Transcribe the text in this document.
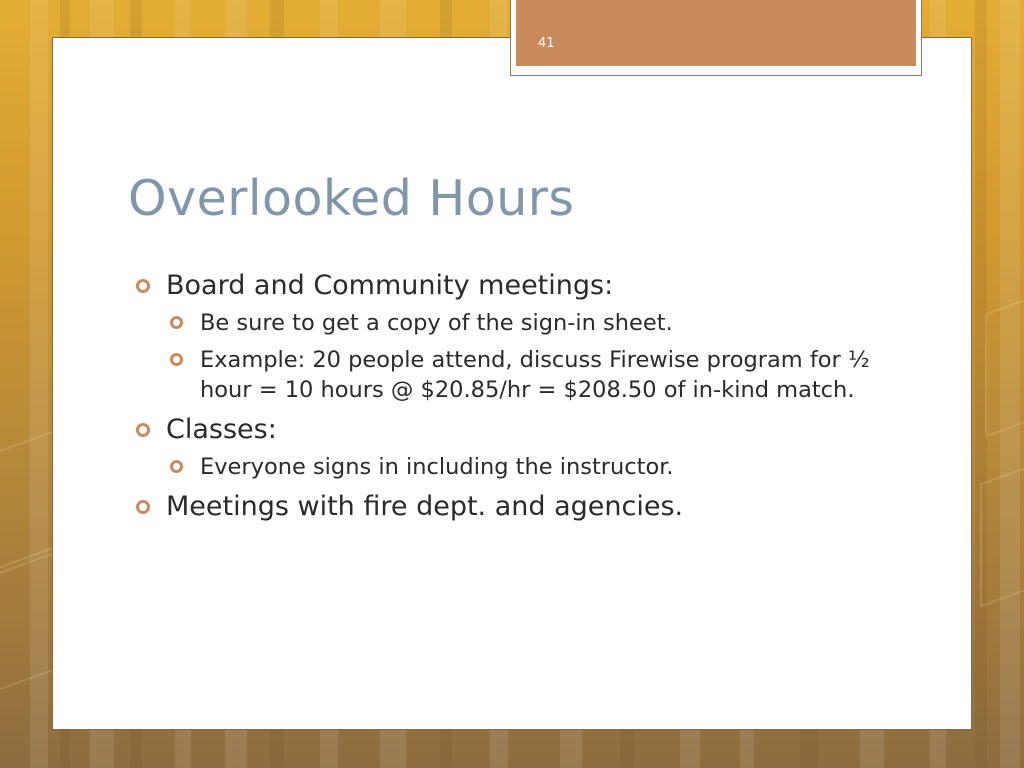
41
Overlooked Hours
Board and Community meetings:
Be sure to get a copy of the sign-in sheet.
Example: 20 people attend, discuss Firewise program for ½ hour = 10 hours @ $20.85/hr = $208.50 of in-kind match.
Classes:
Everyone signs in including the instructor.
Meetings with fire dept. and agencies.
